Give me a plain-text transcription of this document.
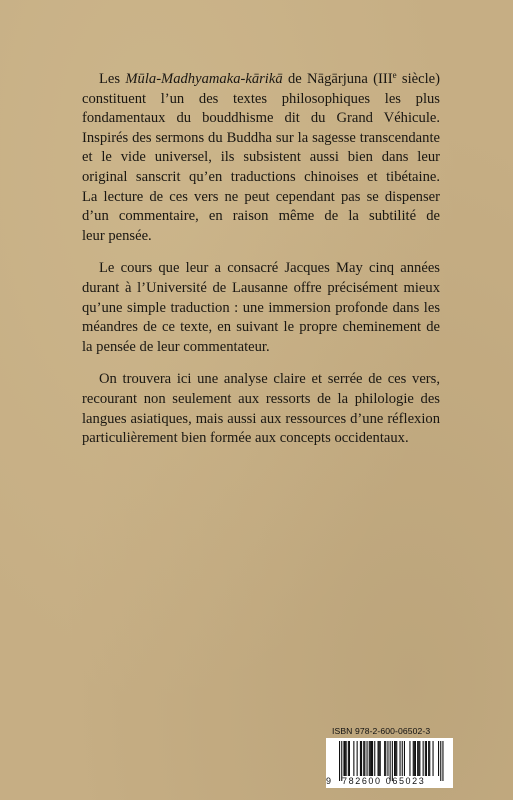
Les Mūla-Madhyamaka-kārikā de Nāgārjuna (IIIe siècle)
constituent l’un des textes philosophiques les plus
fondamentaux du bouddhisme dit du Grand Véhicule.
Inspirés des sermons du Buddha sur la sagesse transcendante
et le vide universel, ils subsistent aussi bien dans leur
original sanscrit qu’en traductions chinoises et tibétaine.
La lecture de ces vers ne peut cependant pas se dispenser
d’un commentaire, en raison même de la subtilité de
leur pensée.

Le cours que leur a consacré Jacques May cinq années
durant à l’Université de Lausanne offre précisément mieux
qu’une simple traduction : une immersion profonde dans les
méandres de ce texte, en suivant le propre cheminement de
la pensée de leur commentateur.

On trouvera ici une analyse claire et serrée de ces vers,
recourant non seulement aux ressorts de la philologie des
langues asiatiques, mais aussi aux ressources d’une réflexion
particulièrement bien formée aux concepts occidentaux.

ISBN 978-2-600-06502-3
9 782600 065023
